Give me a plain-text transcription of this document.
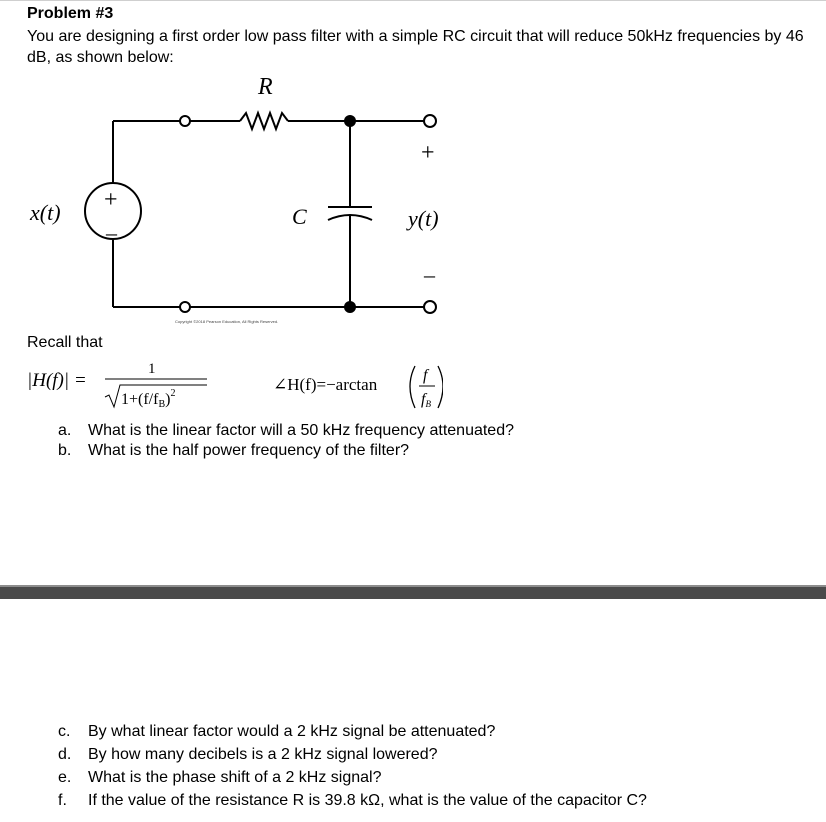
Problem #3
You are designing a first order low pass filter with a simple RC circuit that will reduce 50kHz frequencies by 46 dB, as shown below:
R
C
x(t)	y(t)
+
–
+
–
Copyright ©2018 Pearson Education, All Rights Reserved.
Recall that
|H(f)| =
1
$1+(f/fB)^2$	∠H(f)=−arctan	f
fB
a. What is the linear factor will a 50 kHz frequency attenuated?
b. What is the half power frequency of the filter?
c. By what linear factor would a 2 kHz signal be attenuated?
d. By how many decibels is a 2 kHz signal lowered?
e. What is the phase shift of a 2 kHz signal?
f. If the value of the resistance R is 39.8 kΩ, what is the value of the capacitor C?
